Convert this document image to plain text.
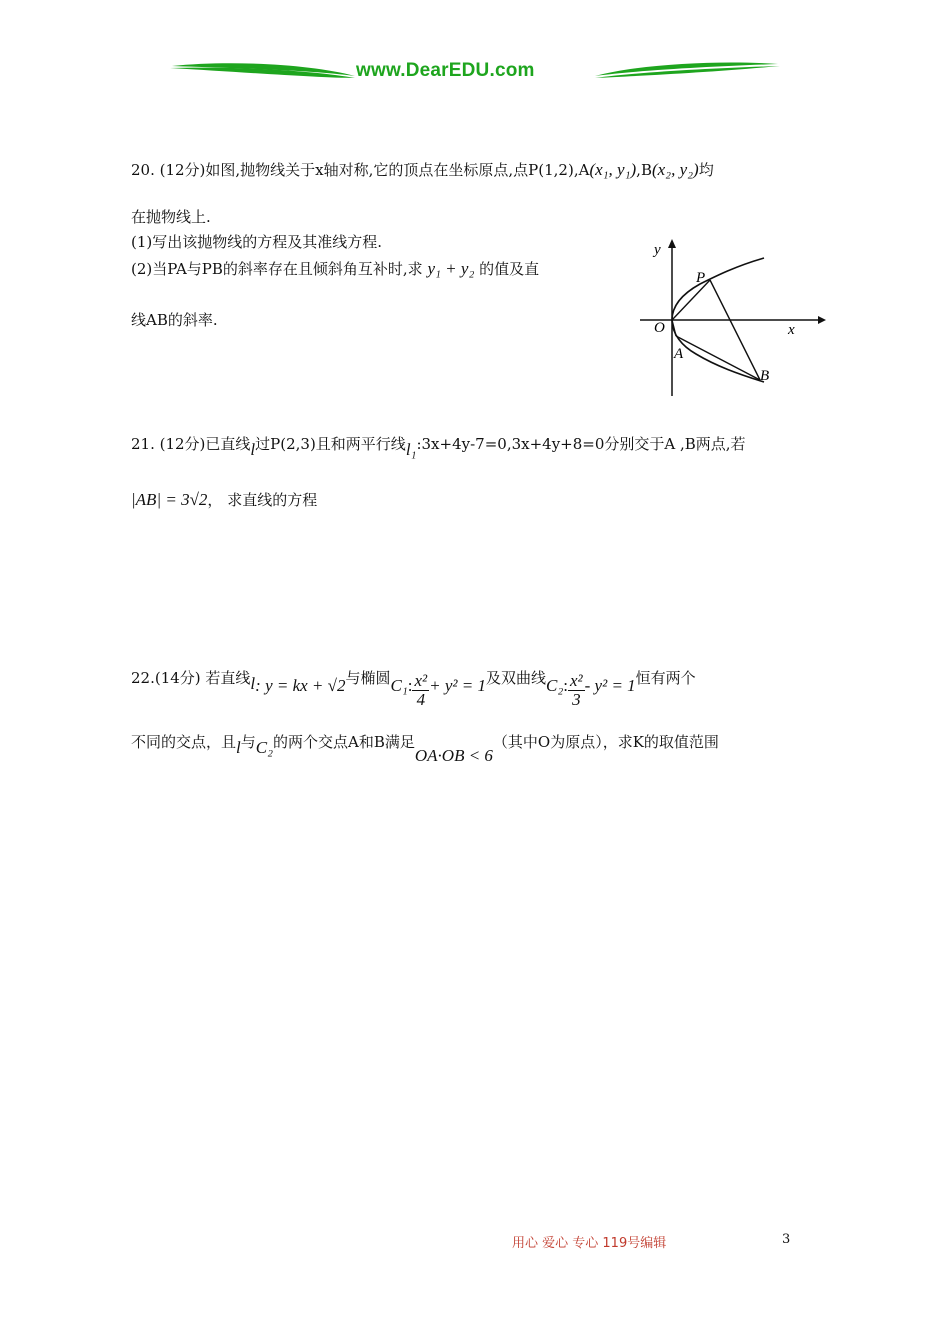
www.DearEDU.com
20. (12分)如图,抛物线关于x轴对称,它的顶点在坐标原点,点P(1,2),A(x₁, y₁),B(x₂, y₂)均
在抛物线上.
(1)写出该抛物线的方程及其准线方程.
(2)当PA与PB的斜率存在且倾斜角互补时,求 y₁ + y₂ 的值及直
线AB的斜率.
y
x
O
P
A
B
21. (12分)已直线l过P(2,3)且和两平行线l₁:3x+4y-7=0,3x+4y+8=0分别交于A ,B两点,若
|AB| = 3√2， 求直线的方程
22.(14分) 若直线l: y = kx + √2与椭圆C₁: $\frac{\text{x²}}{4} + y^2 = 1$及双曲线C₂: $\frac{\text{x²}}{3} - y^2 = 1$恒有两个
不同的交点，且l与C₂的两个交点A和B满足OA·OB < 6（其中O为原点），求K的取值范围
用心 爱心 专心 119号编辑	3
